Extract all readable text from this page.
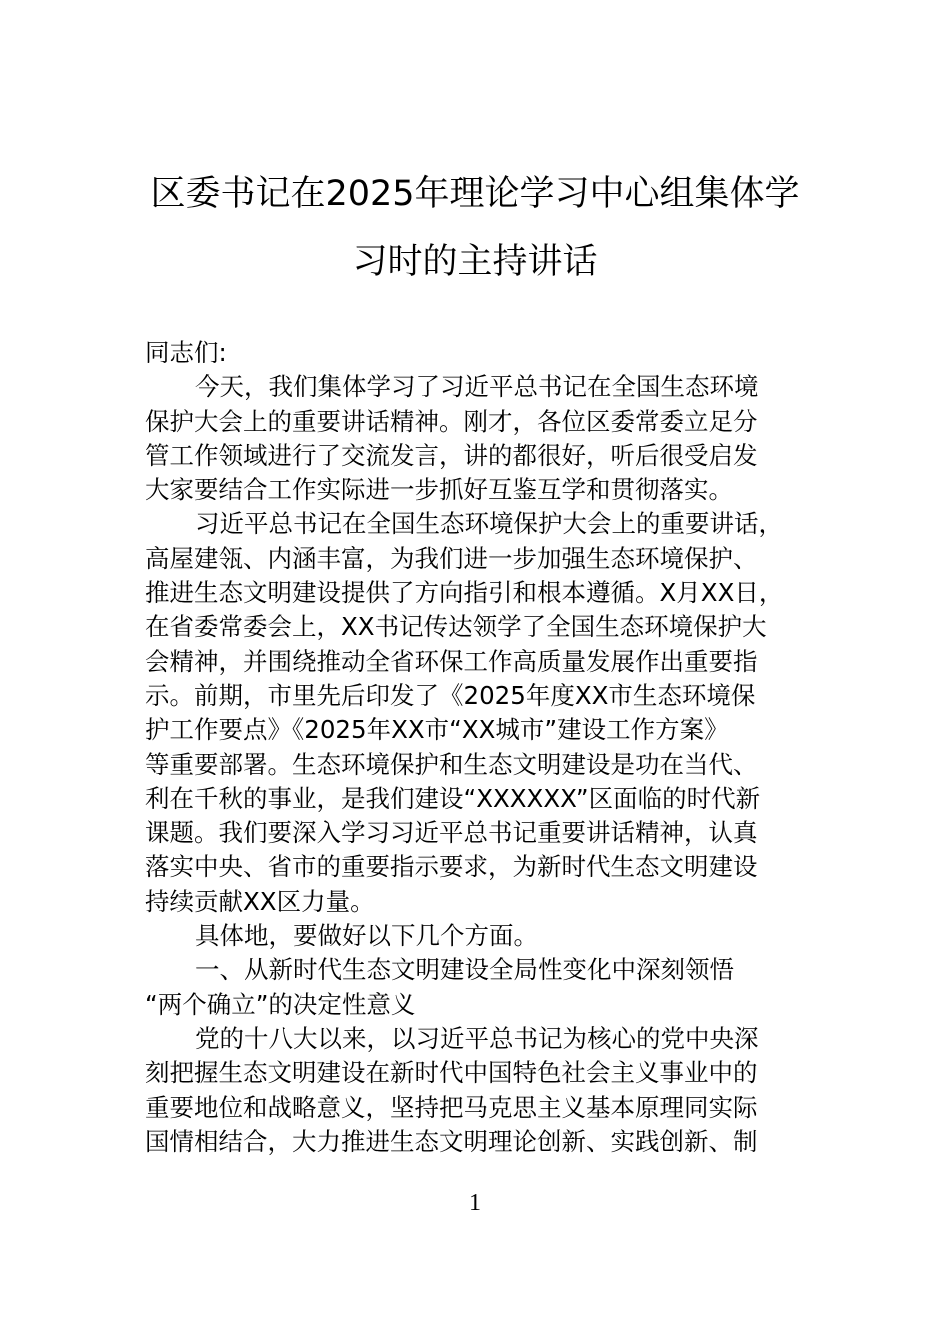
区委书记在2025年理论学习中心组集体学
习时的主持讲话
同志们:
今天，我们集体学习了习近平总书记在全国生态环境
保护大会上的重要讲话精神。刚才，各位区委常委立足分
管工作领域进行了交流发言，讲的都很好，听后很受启发
大家要结合工作实际进一步抓好互鉴互学和贯彻落实。
习近平总书记在全国生态环境保护大会上的重要讲话，
高屋建瓴、内涵丰富，为我们进一步加强生态环境保护、
推进生态文明建设提供了方向指引和根本遵循。X月XX日，
在省委常委会上，XX书记传达领学了全国生态环境保护大
会精神，并围绕推动全省环保工作高质量发展作出重要指
示。前期，市里先后印发了《2025年度XX市生态环境保
护工作要点》《2025年XX市“XX城市”建设工作方案》
等重要部署。生态环境保护和生态文明建设是功在当代、
利在千秋的事业，是我们建设“XXXXXX”区面临的时代新
课题。我们要深入学习习近平总书记重要讲话精神，认真
落实中央、省市的重要指示要求，为新时代生态文明建设
持续贡献XX区力量。
具体地，要做好以下几个方面。
一、从新时代生态文明建设全局性变化中深刻领悟
“两个确立”的决定性意义
党的十八大以来，以习近平总书记为核心的党中央深
刻把握生态文明建设在新时代中国特色社会主义事业中的
重要地位和战略意义，坚持把马克思主义基本原理同实际
国情相结合，大力推进生态文明理论创新、实践创新、制
1
